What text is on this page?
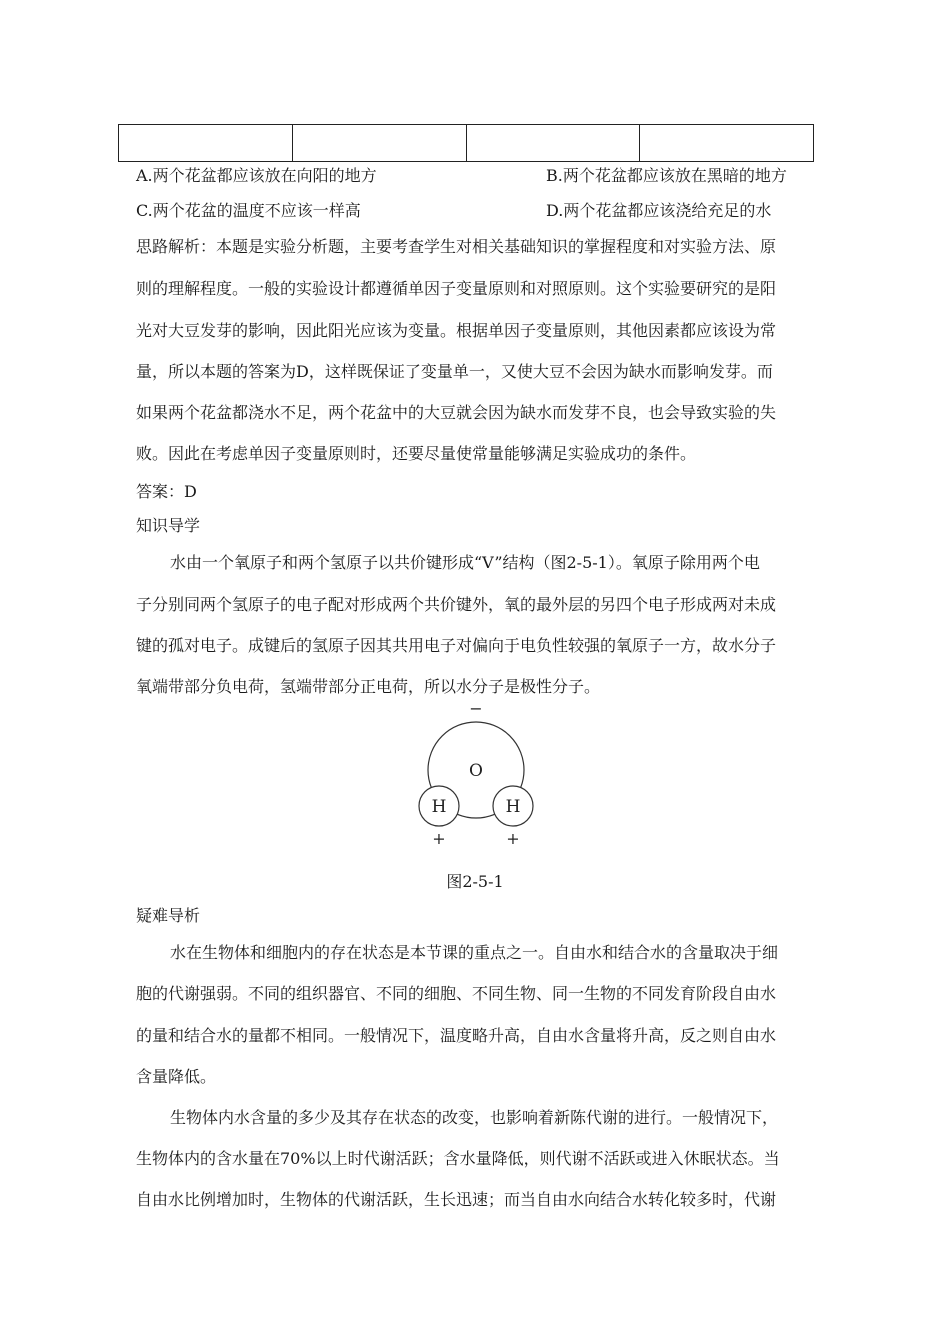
A.两个花盆都应该放在向阳的地方	B.两个花盆都应该放在黑暗的地方
C.两个花盆的温度不应该一样高	D.两个花盆都应该浇给充足的水
思路解析：本题是实验分析题，主要考查学生对相关基础知识的掌握程度和对实验方法、原
则的理解程度。一般的实验设计都遵循单因子变量原则和对照原则。这个实验要研究的是阳
光对大豆发芽的影响，因此阳光应该为变量。根据单因子变量原则，其他因素都应该设为常
量，所以本题的答案为D，这样既保证了变量单一，又使大豆不会因为缺水而影响发芽。而
如果两个花盆都浇水不足，两个花盆中的大豆就会因为缺水而发芽不良，也会导致实验的失
败。因此在考虑单因子变量原则时，还要尽量使常量能够满足实验成功的条件。
答案：D
知识导学
水由一个氧原子和两个氢原子以共价键形成“V”结构（图2-5-1）。氧原子除用两个电
子分别同两个氢原子的电子配对形成两个共价键外，氧的最外层的另四个电子形成两对未成
键的孤对电子。成键后的氢原子因其共用电子对偏向于电负性较强的氧原子一方，故水分子
氧端带部分负电荷，氢端带部分正电荷，所以水分子是极性分子。
−
O
H	H
+	+
图2-5-1
疑难导析
水在生物体和细胞内的存在状态是本节课的重点之一。自由水和结合水的含量取决于细
胞的代谢强弱。不同的组织器官、不同的细胞、不同生物、同一生物的不同发育阶段自由水
的量和结合水的量都不相同。一般情况下，温度略升高，自由水含量将升高，反之则自由水
含量降低。
生物体内水含量的多少及其存在状态的改变，也影响着新陈代谢的进行。一般情况下，
生物体内的含水量在70%以上时代谢活跃；含水量降低，则代谢不活跃或进入休眠状态。当
自由水比例增加时，生物体的代谢活跃，生长迅速；而当自由水向结合水转化较多时，代谢
